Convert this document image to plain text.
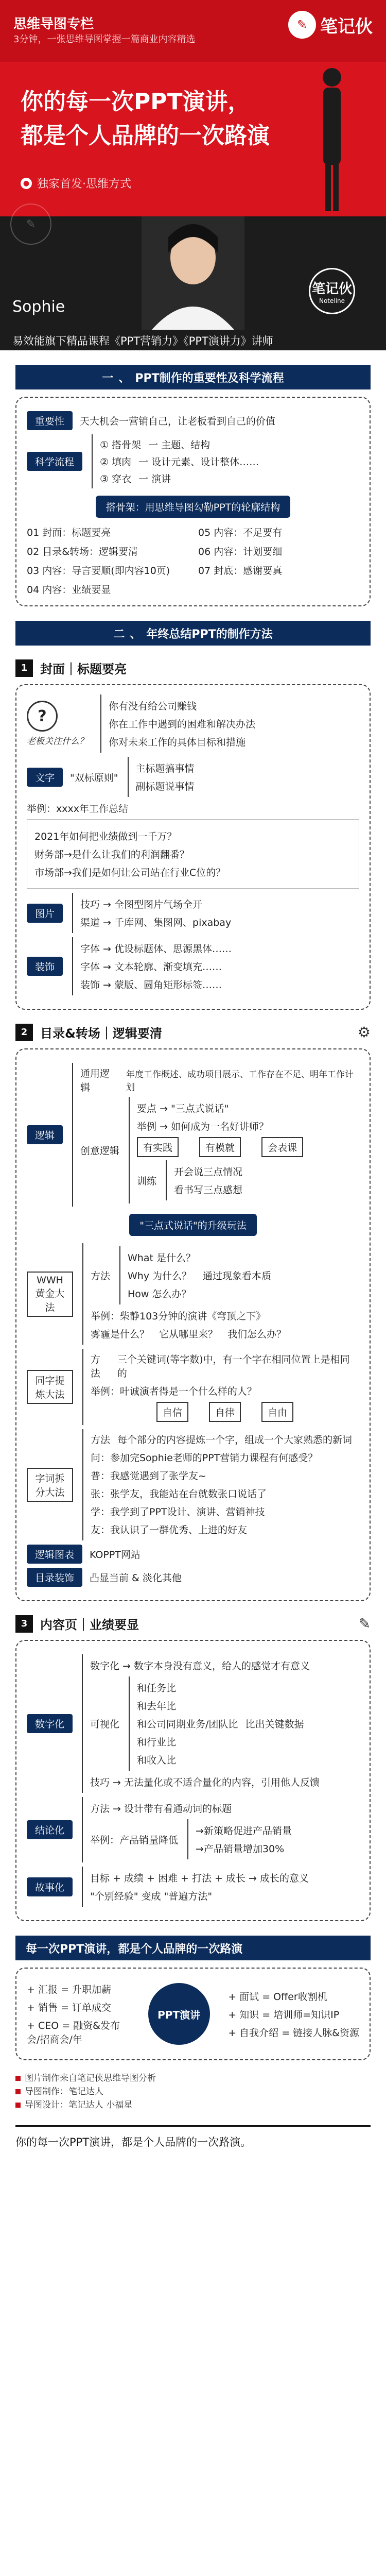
思维导图专栏
3分钟，一张思维导图掌握一篇商业内容精选
✎ 笔记伙
你的每一次PPT演讲，
都是个人品牌的一次路演
● 独家首发·思维方式
✎
笔记伙
Noteline
Sophie
易效能旗下精品课程《PPT营销力》《PPT演讲力》讲师
一 、 PPT制作的重要性及科学流程
重要性	天大机会一营销自己，让老板看到自己的价值
科学流程
① 搭骨架 一 主题、结构
② 填肉 一 设计元素、设计整体……
③ 穿衣 一 演讲
搭骨架：用思维导图勾勒PPT的轮廓结构
01 封面：标题要亮	05 内容：不足要有
02 目录&转场：逻辑要清	06 内容：计划要细
03 内容：导言要顺(即内容10页)	07 封底：感谢要真
04 内容：业绩要显
二 、 年终总结PPT的制作方法
1	封面｜标题要亮
?
老板关注什么？
你有没有给公司赚钱
你在工作中遇到的困难和解决办法
你对未来工作的具体目标和措施
文字	"双标原则"
主标题搞事情
副标题说事情
举例：xxxx年工作总结
2021年如何把业绩做到一千万？
财务部→是什么让我们的利润翻番？
市场部→我们是如何让公司站在行业C位的？
图片
技巧 → 全图型图片气场全开
渠道 → 千库网、集图网、pixabay
装饰
字体 → 优设标题体、思源黑体……
字体 → 文本轮廓、渐变填充……
装饰 → 蒙版、圆角矩形标签……
2	目录&转场｜逻辑要清	⚙
逻辑
通用逻辑
年度工作概述、成功项目展示、工作存在不足、明年工作计划
创意逻辑
要点 → "三点式说话"
举例 → 如何成为一名好讲师？
有实践	有模就	会表课
训练
开会说三点情况
看书写三点感想
"三点式说话"的升级玩法
WWH黄金大法
方法
What 是什么？
Why 为什么？
How 怎么办？
通过现象看本质
举例：柴静103分钟的演讲《穹顶之下》
雾霾是什么？　它从哪里来？　我们怎么办？
同字提炼大法
方法
三个关键词(等字数)中，有一个字在相同位置上是相同的
举例：叶诚演者得是一个什么样的人？
自信	自律	自由
字词拆分大法
方法 每个部分的内容提炼一个字，组成一个大家熟悉的新词
问：参加完Sophie老师的PPT营销力课程有何感受？
普：我感觉遇到了张学友~
张：张学友，我能站在台就数张口说话了
学：我学到了PPT设计、演讲、营销神技
友：我认识了一群优秀、上进的好友
逻辑图表	KOPPT网站
目录装饰	凸显当前 & 淡化其他
3	内容页｜业绩要显	✎
数字化
数字化 → 数字本身没有意义，给人的感觉才有意义
可视化
和任务比
和去年比
和公司同期业务/团队比
和行业比
和收入比
比出关键数据
技巧 → 无法量化或不适合量化的内容，引用他人反馈
结论化
方法 → 设计带有看通动词的标题
举例：产品销量降低
→新策略促进产品销量
→产品销量增加30%
故事化
目标 + 成绩 + 困难 + 打法 + 成长 → 成长的意义
"个别经验" 变成 "普遍方法"
每一次PPT演讲，都是个人品牌的一次路演
+ 汇报 = 升职加薪
+ 销售 = 订单成交
+ CEO = 融资&发布会/招商会/年
PPT演讲
+ 面试 = Offer收割机
+ 知识 = 培训师=知识IP
+ 自我介绍 = 链接人脉&资源
图片制作来自笔记侠思维导图分析
导图制作：笔记达人
导图设计：笔记达人 小福星
你的每一次PPT演讲，都是个人品牌的一次路演。
